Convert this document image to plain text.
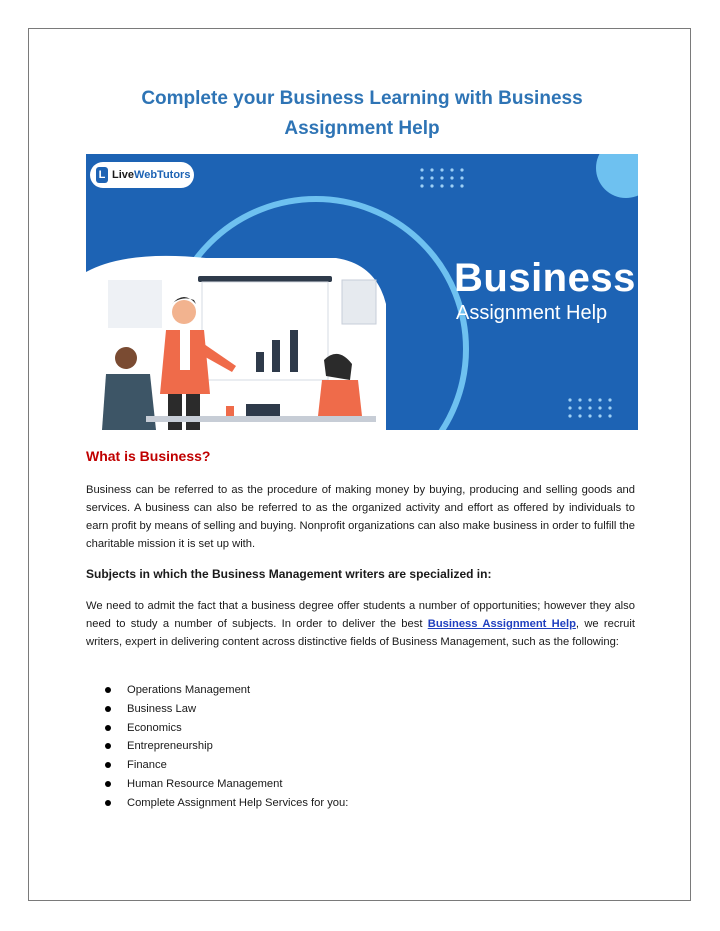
Complete your Business Learning with Business Assignment Help
L LiveWebTutors
Business
Assignment Help
What is Business?

Business can be referred to as the procedure of making money by buying, producing and selling goods and services. A business can also be referred to as the organized activity and effort as offered by individuals to earn profit by means of selling and buying. Nonprofit organizations can also make business in order to fulfill the charitable mission it is set up with.

Subjects in which the Business Management writers are specialized in:

We need to admit the fact that a business degree offer students a number of opportunities; however they also need to study a number of subjects. In order to deliver the best Business Assignment Help, we recruit writers, expert in delivering content across distinctive fields of Business Management, such as the following:

Operations Management
Business Law
Economics
Entrepreneurship
Finance
Human Resource Management
Complete Assignment Help Services for you:
